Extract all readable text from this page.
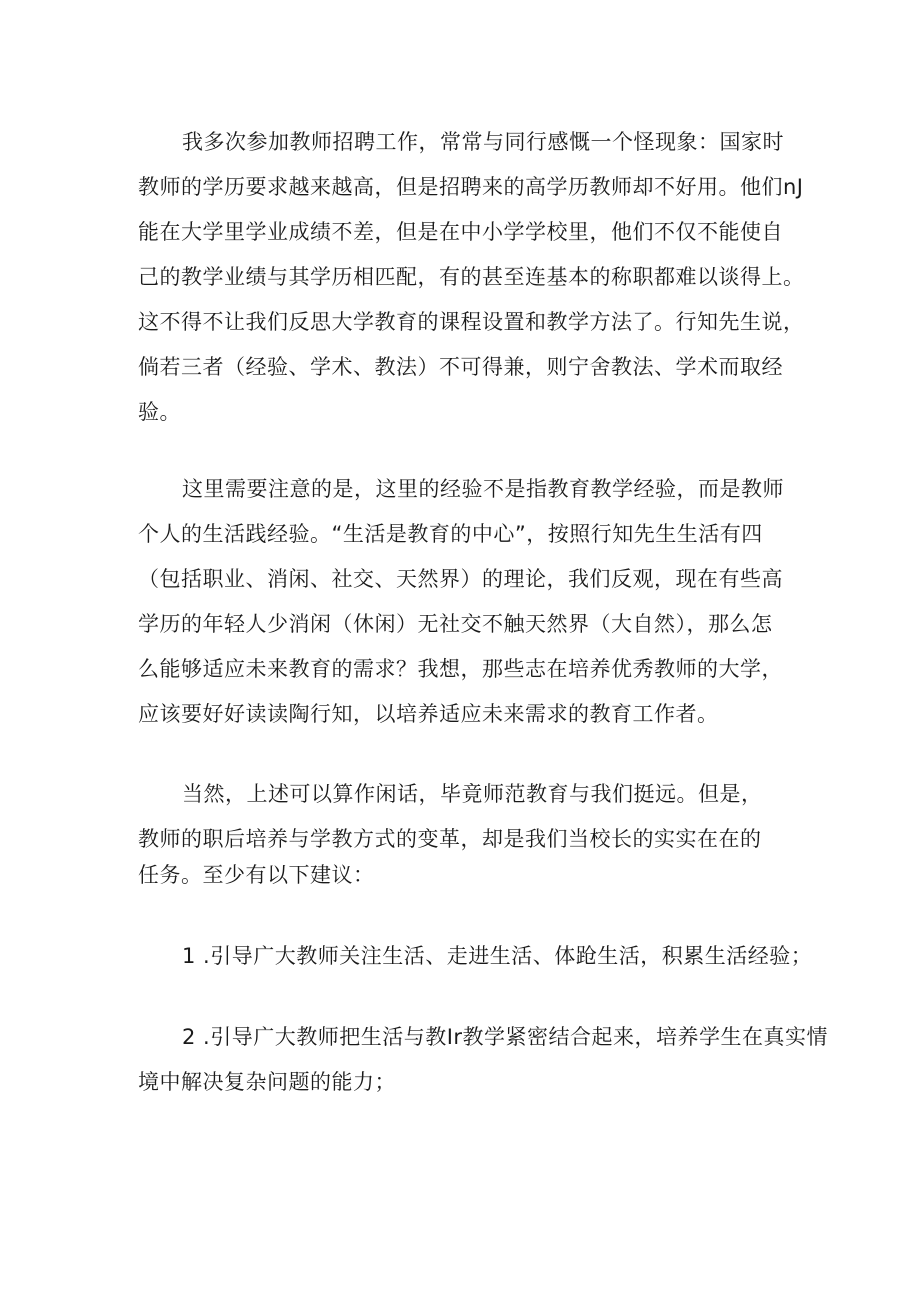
我多次参加教师招聘工作，常常与同行感慨一个怪现象：国家时
教师的学历要求越来越高，但是招聘来的高学历教师却不好用。他们nJ
能在大学里学业成绩不差，但是在中小学学校里，他们不仅不能使自
己的教学业绩与其学历相匹配，有的甚至连基本的称职都难以谈得上。
这不得不让我们反思大学教育的课程设置和教学方法了。行知先生说，
倘若三者（经验、学术、教法）不可得兼，则宁舍教法、学术而取经
验。
这里需要注意的是，这里的经验不是指教育教学经验，而是教师
个人的生活践经验。“生活是教育的中心”，按照行知先生生活有四
（包括职业、消闲、社交、天然界）的理论，我们反观，现在有些高
学历的年轻人少消闲（休闲）无社交不触天然界（大自然），那么怎
么能够适应未来教育的需求？我想，那些志在培养优秀教师的大学，
应该要好好读读陶行知，以培养适应未来需求的教育工作者。
当然，上述可以算作闲话，毕竟师范教育与我们挺远。但是，
教师的职后培养与学教方式的变革，却是我们当校长的实实在在的
任务。至少有以下建议：
1 .引导广大教师关注生活、走进生活、体跄生活，积累生活经验；
2 .引导广大教师把生活与教Ir教学紧密结合起来，培养学生在真实情
境中解决复杂问题的能力；
